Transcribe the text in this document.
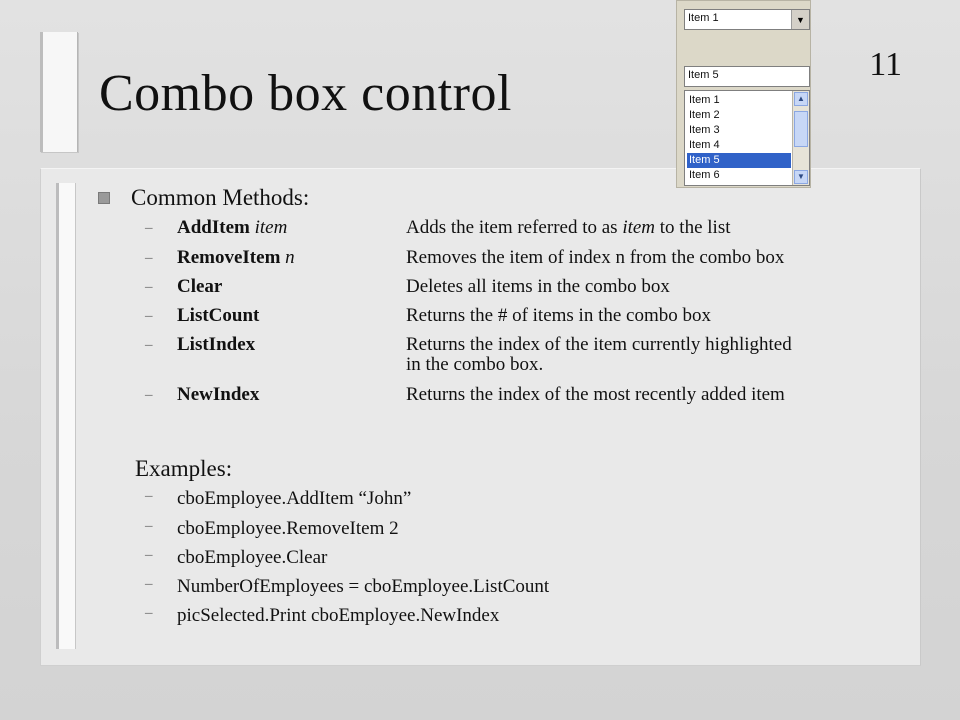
11
Combo box control
Item 1	▼
Item 5
Item 1
Item 2
Item 3
Item 4
Item 5
Item 6
▲
▼
Common Methods:
–	AddItem item	Adds the item referred to as item to the list
–	RemoveItem n	Removes the item of index n from the combo box
–	Clear	Deletes all items in the combo box
–	ListCount	Returns the # of items in the combo box
–	ListIndex	Returns the index of the item currently highlighted in the combo box.
–	NewIndex	Returns the index of the most recently added item
Examples:
–	cboEmployee.AddItem “John”
–	cboEmployee.RemoveItem 2
–	cboEmployee.Clear
–	NumberOfEmployees = cboEmployee.ListCount
–	picSelected.Print cboEmployee.NewIndex
